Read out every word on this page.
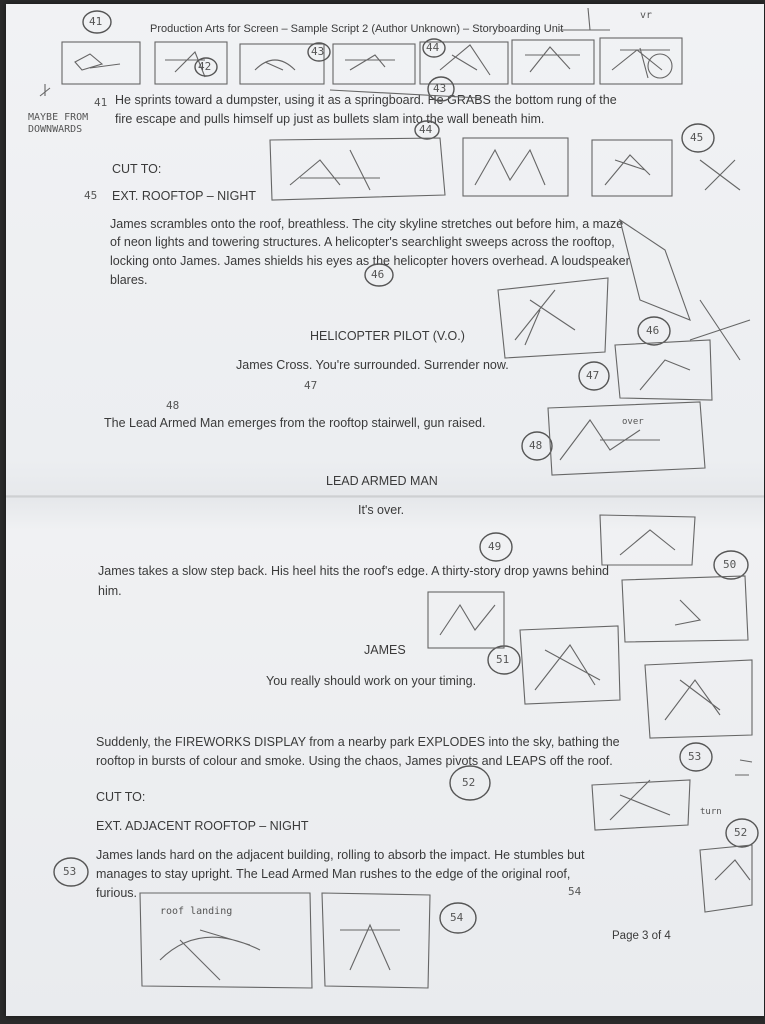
Production Arts for Screen – Sample Script 2 (Author Unknown) – Storyboarding Unit
He sprints toward a dumpster, using it as a springboard. He GRABS the bottom rung of the
fire escape and pulls himself up just as bullets slam into the wall beneath him.
CUT TO:
EXT. ROOFTOP – NIGHT
James scrambles onto the roof, breathless. The city skyline stretches out before him, a maze
of neon lights and towering structures. A helicopter's searchlight sweeps across the rooftop,
locking onto James. James shields his eyes as the helicopter hovers overhead. A loudspeaker
blares.
HELICOPTER PILOT (V.O.)
James Cross. You're surrounded. Surrender now.
The Lead Armed Man emerges from the rooftop stairwell, gun raised.
LEAD ARMED MAN
It's over.
James takes a slow step back. His heel hits the roof's edge. A thirty-story drop yawns behind
him.
JAMES
You really should work on your timing.
Suddenly, the FIREWORKS DISPLAY from a nearby park EXPLODES into the sky, bathing the
rooftop in bursts of colour and smoke. Using the chaos, James pivots and LEAPS off the roof.
CUT TO:
EXT. ADJACENT ROOFTOP – NIGHT
James lands hard on the adjacent building, rolling to absorb the impact. He stumbles but
manages to stay upright. The Lead Armed Man rushes to the edge of the original roof,
furious.
Page 3 of 4
41
42
43	44
43
44
45
46
46
47
48
49
50
51
53
52
52
53
54
41
45
47
48
54
MAYBE FROM DOWNWARDS
over
roof landing
turn
vr
